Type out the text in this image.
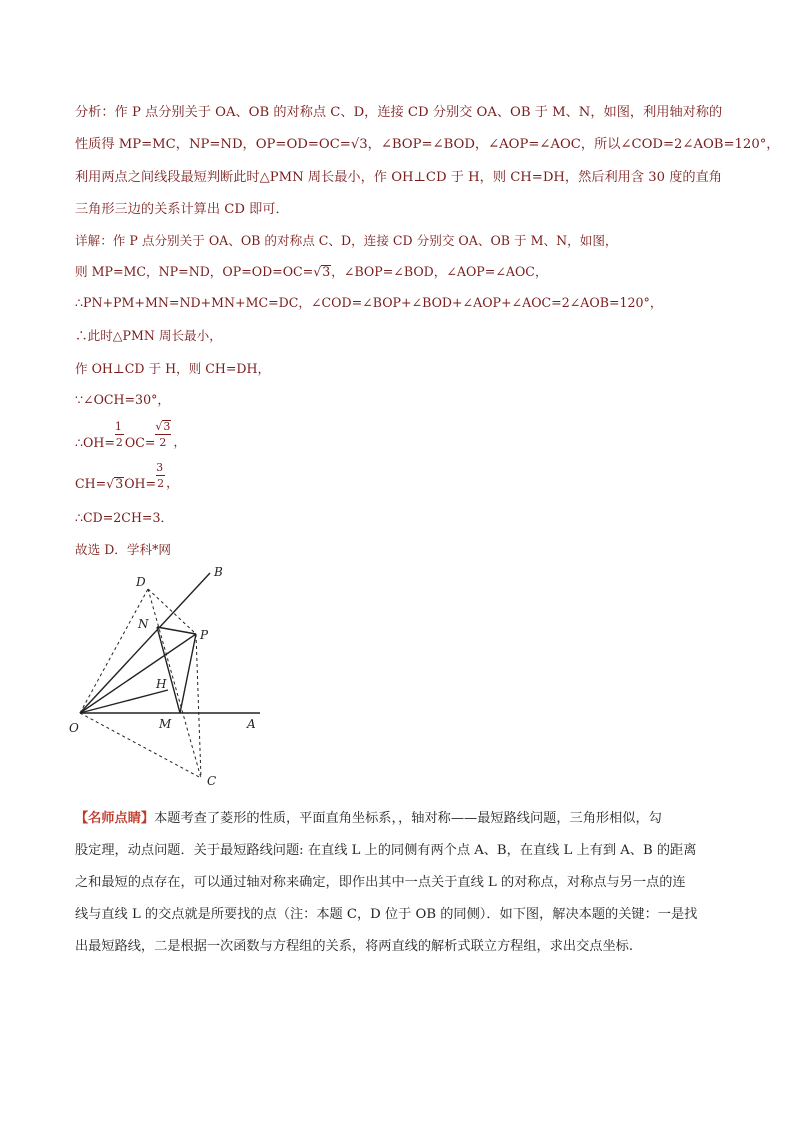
分析：作 P 点分别关于 OA、OB 的对称点 C、D，连接 CD 分别交 OA、OB 于 M、N，如图，利用轴对称的
性质得 MP=MC，NP=ND，OP=OD=OC=√3，∠BOP=∠BOD，∠AOP=∠AOC，所以∠COD=2∠AOB=120°，
利用两点之间线段最短判断此时△PMN 周长最小，作 OH⊥CD 于 H，则 CH=DH，然后利用含 30 度的直角
三角形三边的关系计算出 CD 即可．
详解：作 P 点分别关于 OA、OB 的对称点 C、D，连接 CD 分别交 OA、OB 于 M、N，如图，
则 MP=MC，NP=ND，OP=OD=OC=√3，∠BOP=∠BOD，∠AOP=∠AOC，
∴PN+PM+MN=ND+MN+MC=DC，∠COD=∠BOP+∠BOD+∠AOP+∠AOC=2∠AOB=120°，
∴此时△PMN 周长最小，
作 OH⊥CD 于 H，则 CH=DH，
∵∠OCH=30°，
∴OH= $\frac{1}{2} OC= \frac{√3}{2}$ ，
$CH=√3OH= \frac{3}{2}$ ，
∴CD=2CH=3．
故选 D．学科*网
B
D
N
P
H
O	M	A
C
【名师点睛】本题考查了菱形的性质，平面直角坐标系，，轴对称——最短路线问题，三角形相似，勾
股定理，动点问题．关于最短路线问题: 在直线 L 上的同侧有两个点 A、B，在直线 L 上有到 A、B 的距离
之和最短的点存在，可以通过轴对称来确定，即作出其中一点关于直线 L 的对称点，对称点与另一点的连
线与直线 L 的交点就是所要找的点（注：本题 C，D 位于 OB 的同侧）．如下图，解决本题的关键：一是找
出最短路线，二是根据一次函数与方程组的关系，将两直线的解析式联立方程组，求出交点坐标.
